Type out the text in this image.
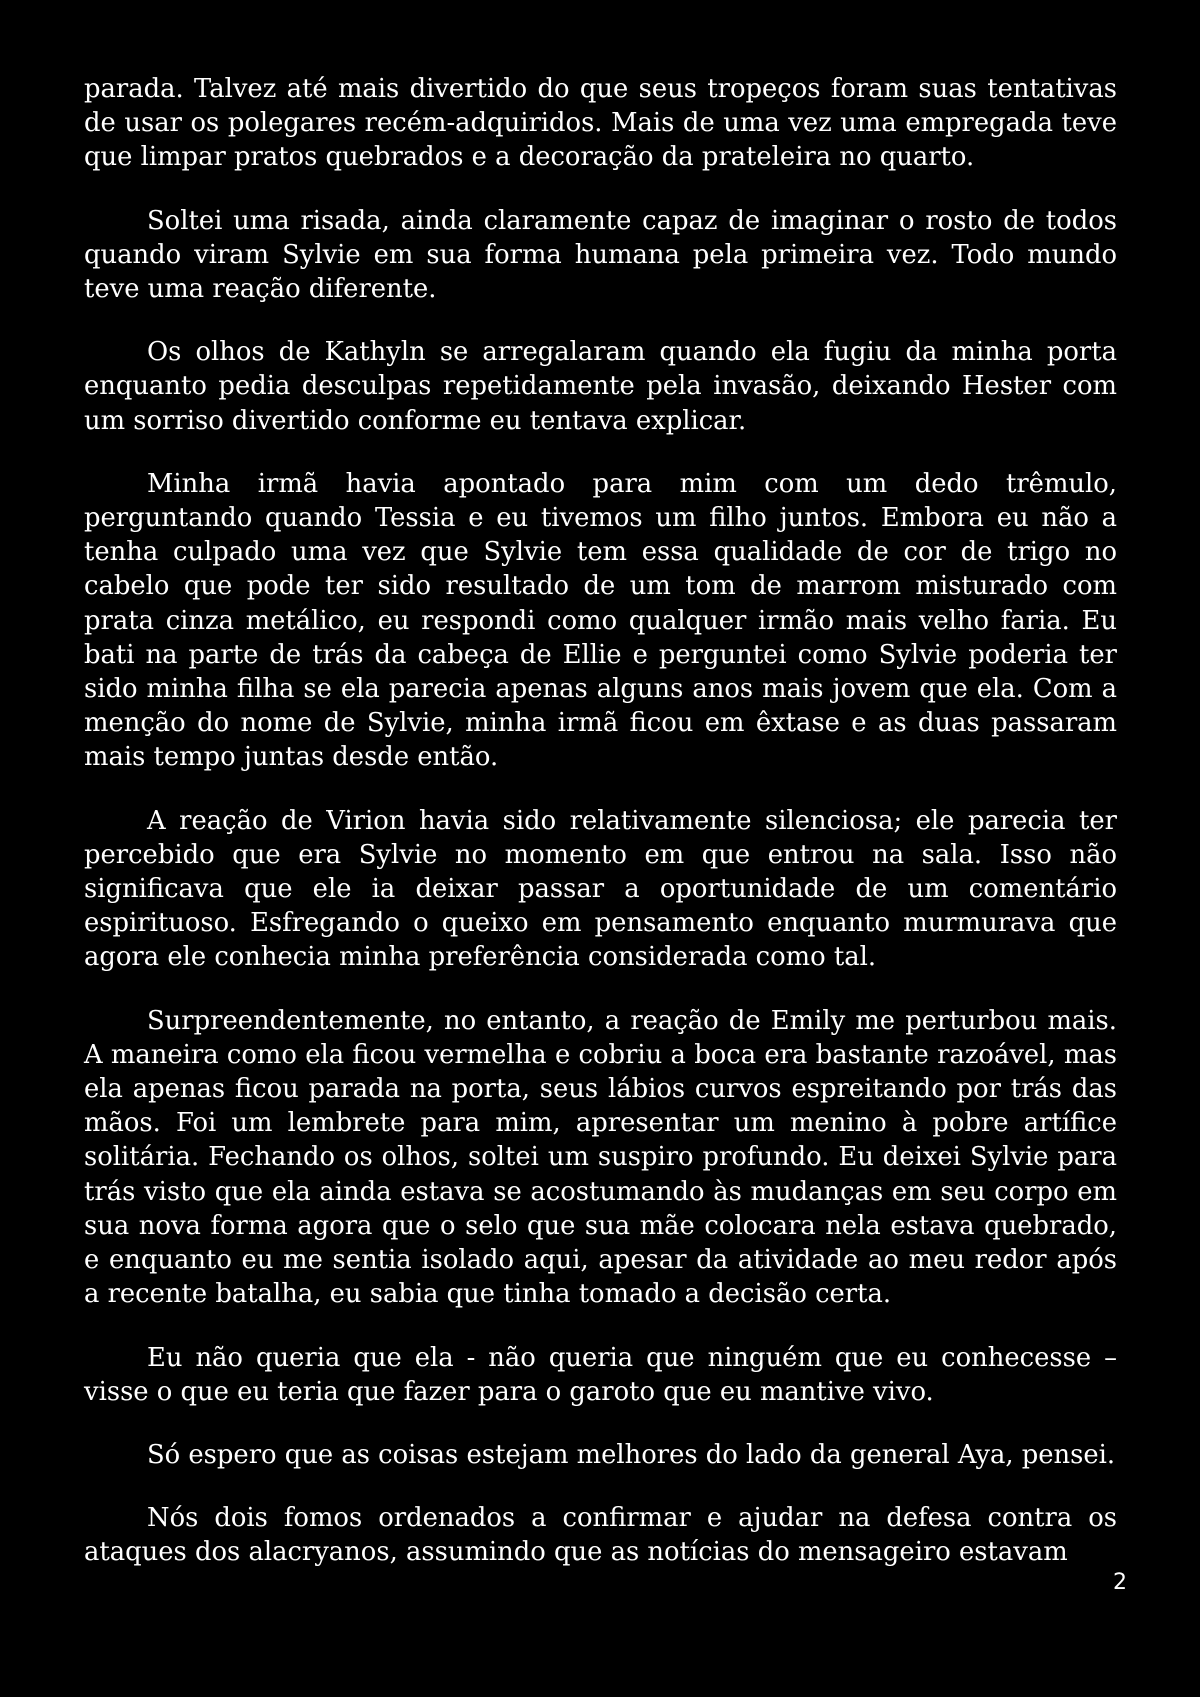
parada. Talvez até mais divertido do que seus tropeços foram suas tentativas de usar os polegares recém-adquiridos. Mais de uma vez uma empregada teve que limpar pratos quebrados e a decoração da prateleira no quarto.

Soltei uma risada, ainda claramente capaz de imaginar o rosto de todos quando viram Sylvie em sua forma humana pela primeira vez. Todo mundo teve uma reação diferente.

Os olhos de Kathyln se arregalaram quando ela fugiu da minha porta enquanto pedia desculpas repetidamente pela invasão, deixando Hester com um sorriso divertido conforme eu tentava explicar.

Minha irmã havia apontado para mim com um dedo trêmulo, perguntando quando Tessia e eu tivemos um filho juntos. Embora eu não a tenha culpado uma vez que Sylvie tem essa qualidade de cor de trigo no cabelo que pode ter sido resultado de um tom de marrom misturado com prata cinza metálico, eu respondi como qualquer irmão mais velho faria. Eu bati na parte de trás da cabeça de Ellie e perguntei como Sylvie poderia ter sido minha filha se ela parecia apenas alguns anos mais jovem que ela. Com a menção do nome de Sylvie, minha irmã ficou em êxtase e as duas passaram mais tempo juntas desde então.

A reação de Virion havia sido relativamente silenciosa; ele parecia ter percebido que era Sylvie no momento em que entrou na sala. Isso não significava que ele ia deixar passar a oportunidade de um comentário espirituoso. Esfregando o queixo em pensamento enquanto murmurava que agora ele conhecia minha preferência considerada como tal.

Surpreendentemente, no entanto, a reação de Emily me perturbou mais. A maneira como ela ficou vermelha e cobriu a boca era bastante razoável, mas ela apenas ficou parada na porta, seus lábios curvos espreitando por trás das mãos. Foi um lembrete para mim, apresentar um menino à pobre artífice solitária. Fechando os olhos, soltei um suspiro profundo. Eu deixei Sylvie para trás visto que ela ainda estava se acostumando às mudanças em seu corpo em sua nova forma agora que o selo que sua mãe colocara nela estava quebrado, e enquanto eu me sentia isolado aqui, apesar da atividade ao meu redor após a recente batalha, eu sabia que tinha tomado a decisão certa.

Eu não queria que ela - não queria que ninguém que eu conhecesse – visse o que eu teria que fazer para o garoto que eu mantive vivo.

Só espero que as coisas estejam melhores do lado da general Aya, pensei.

Nós dois fomos ordenados a confirmar e ajudar na defesa contra os ataques dos alacryanos, assumindo que as notícias do mensageiro estavam

2
